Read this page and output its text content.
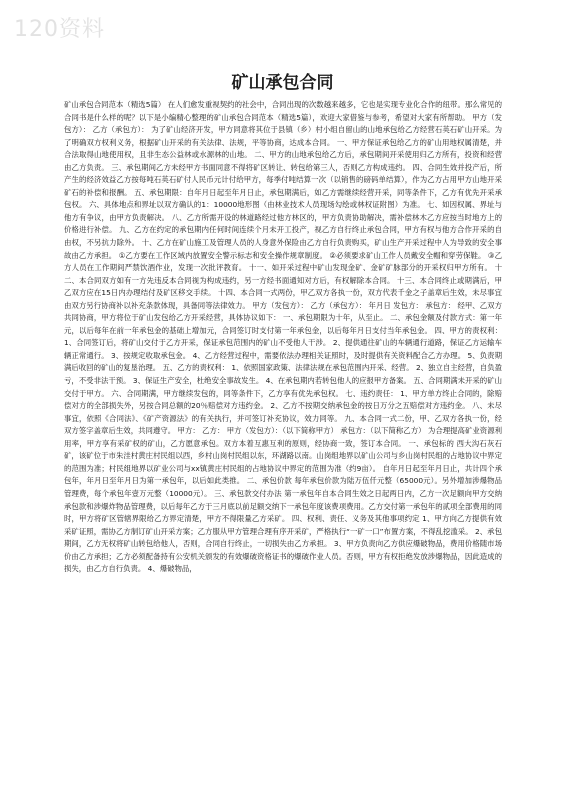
120资料
矿山承包合同
矿山承包合同范本（精选5篇） 在人们愈发重视契约的社会中，合同出现的次数越来越多，它也是实现专业化合作的纽带。那么常见的合同书是什么样的呢？以下是小编精心整理的矿山承包合同范本（精选5篇），欢迎大家借鉴与参考，希望对大家有所帮助。 甲方（发包方）： 乙方（承包方）： 为了矿山经济开发，甲方同意将其位于县镇（乡）村小组自留山的山地承包给乙方经营石英石矿山开采。为了明确双方权利义务，根据矿山开采的有关法律、法规，平等协商，达成本合同。 一、甲方保证承包给乙方的矿山用地权属清楚，并合法取得山地使用权，且非生态公益林或水源林的山地。 二、甲方的山地承包给乙方后，承包期间开采使用归乙方所有，投资和经营由乙方负责。 三、承包期间乙方未经甲方书面同意不得将矿区转让、转包给第三人，否则乙方构成违约。 四、合同生效并投产后，所产生的经济效益乙方按每吨石英石矿付人民币元计付给甲方，每季付吨结算一次（以销售的磅码单结算），作为乙方占用甲方山地开采矿石的补偿和报酬。 五、承包期限：自年月日起至年月日止，承包期满后，如乙方需继续经营开采，同等条件下，乙方有优先开采承包权。 六、具体地点和界址以双方确认的1：10000地形图（由林业技术人员现场勾绘或林权证附图）为准。 七、如因权属、界址与他方有争议，由甲方负责解决。 八、乙方所需开设的林道路经过他方林区的，甲方负责协助解决，需补偿林木乙方应按当时地方上的价格进行补偿。 九、乙方在约定的承包期内任何时间连续个月未开工投产，视乙方自行终止承包合同，甲方有权与他方合作开采的自由权，不另抗力除外。 十、乙方在矿山施工及管理人员的人身意外保险由乙方自行负责购买，矿山生产开采过程中人为导致的安全事故由乙方承担。 ①乙方要在工作区域内放置安全警示标志和安全操作规章制度。 ②必须要求矿山工作人员戴安全帽和穿劳保鞋。 ③乙方人员在工作期间严禁饮酒作业，发现一次批评教育。 十一、如开采过程中矿山发现金矿、金矿矿脉部分的开采权归甲方所有。 十二、本合同双方如有一方先违反本合同视为构成违约，另一方经书面通知对方后，有权解除本合同。 十三、本合同终止或期满后，甲乙双方应在15日内办理结付及矿区移交手续。 十四、本合同一式两份，甲乙双方各执一份，双方代表千金之子盖章后生效，未尽事宜由双方另行协商补以补充条款体现，具备同等法律效力。 甲方（发包方）： 乙方（承包方）： 年月日 发包方： 承包方： 经甲、乙双方共同协商，甲方将位于矿山发包给乙方开采经营，具体协议如下： 一、承包期限为十年，从至止。 二、承包金额及付款方式：第一年元，以后每年在前一年承包金的基础上增加元，合同签订时支付第一年承包金，以后每年月日支付当年承包金。 四、甲方的责权利： 1、合同签订后，将矿山交付于乙方开采，保证承包范围内的矿山不受他人干涉。 2、提供通往矿山的车辆通行道路，保证乙方运输车辆正常通行。 3、按规定收取承包金。 4、乙方经营过程中，需要依法办理相关证照时，及时提供有关资料配合乙方办理。 5、负责期满后收回的矿山的复垦治理。 五、乙方的责权利： 1、依照国家政策、法律法规在承包范围内开采、经营。 2、独立自主经营，自负盈亏，不受非法干预。 3、保证生产安全，杜绝安全事故发生。 4、在承包期内若转包他人的应报甲方备案。 五、合同期满未开采的矿山交付于甲方。 六、合同期满，甲方继续发包的，同等条件下，乙方享有优先承包权。 七、违约责任： 1、甲方单方终止合同的，除赔偿对方的全部损失外，另按合同总额的20％赔偿对方违约金。 2、乙方不按期交纳承包金的按日万分之五赔偿对方违约金。 八、未尽事宜，依照《合同法》、《矿产资源法》的有关执行，并可签订补充协议，效力同等。 九、本合同一式二份，甲、乙双方各执一份，经双方签字盖章后生效，共同遵守。 甲方： 乙方： 甲方（发包方）：（以下简称甲方） 承包方：（以下简称乙方） 为合理提高矿业资源利用率，甲方享有采矿权的矿山，乙方愿意承包。双方本着互惠互利的原则，经协商一致，签订本合同。 一、承包标的 西大沟石灰石矿，该矿位于市朱洼村黄庄村民组以西，乡村山岗村民组以东，环湖路以南。山岗组地界以矿山公司与乡山岗村民组的占地协议中界定的范围为准；村民组地界以矿业公司与xx镇黄庄村民组的占地协议中界定的范围为准（约9亩）。 自年月日起至年月日止，共计四个承包年，年月日至年月日为第一承包年，以后如此类推。 二、承包价款 每年承包价款为陆万伍仟元整（65000元）。另外增加涉爆物品管理费，每个承包年壹万元整（10000元）。 三、承包款交付办法 第一承包年自本合同生效之日起两日内，乙方一次足额向甲方交纳承包款和涉爆炸物品管理费，以后每年乙方于三月底以前足额交纳下一承包年度该费项费用。乙方交付第一承包年的贰项全部费用的同时，甲方将矿区管辖界限给乙方界定清楚，甲方不得限量乙方采矿。 四、权利、责任、义务及其他事项约定 1、甲方向乙方提供有效采矿证照，需协乙方制订矿山开采方案；乙方服从甲方管理合理有序开采矿，严格执行“一矿一口”布置方案，不得乱挖滥采。 2、承包期间，乙方无权将矿山转包给他人，否则，合同自行终止，一切损失由乙方承担。 3、甲方负责向乙方供应爆破物品，费用价格随市场价由乙方承担；乙方必须配备持有公安机关颁发的有效爆破资格证书的爆破作业人员。否则，甲方有权拒绝发放涉爆物品，因此造成的损失，由乙方自行负责。 4、爆破物品，
